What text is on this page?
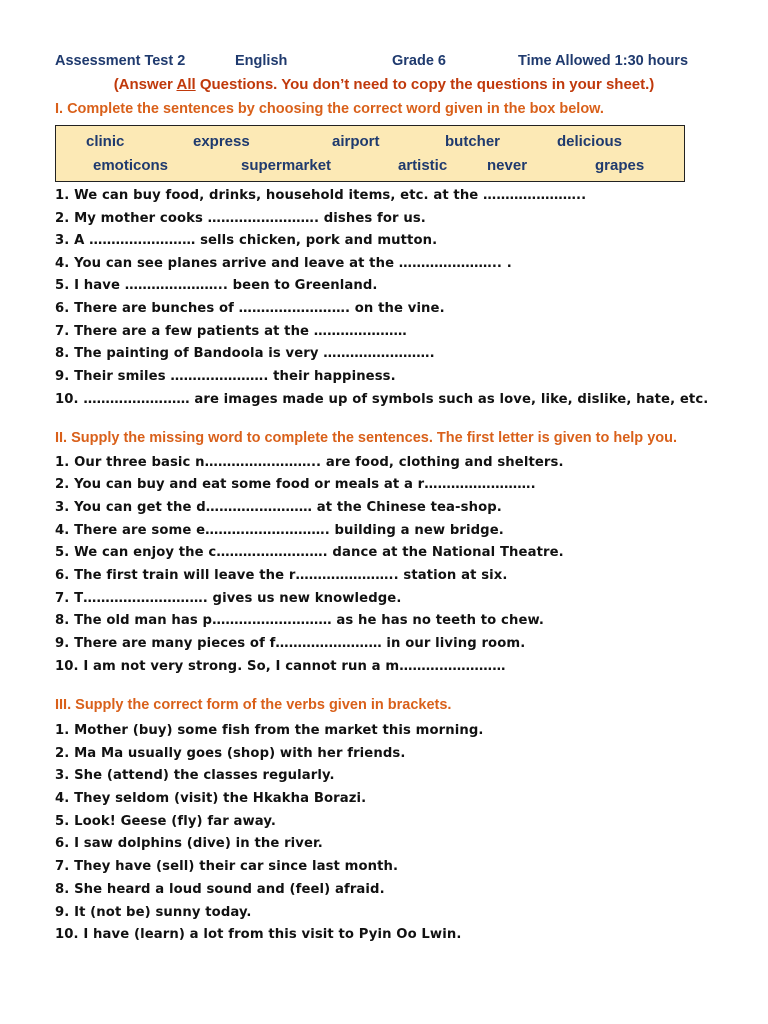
Assessment Test 2	English	Grade 6	Time Allowed 1:30 hours
(Answer All Questions. You don’t need to copy the questions in your sheet.)
I. Complete the sentences by choosing the correct word given in the box below.
clinic	express	airport	butcher	delicious
emoticons	supermarket	artistic	never	grapes
1. We can buy food, drinks, household items, etc. at the …………………..
2. My mother cooks ……………………. dishes for us.
3. A …………………… sells chicken, pork and mutton.
4. You can see planes arrive and leave at the ………………….. .
5. I have ………………….. been to Greenland.
6. There are bunches of ……………………. on the vine.
7. There are a few patients at the …………………
8. The painting of Bandoola is very …………………….
9. Their smiles …………………. their happiness.
10. …………………… are images made up of symbols such as love, like, dislike, hate, etc.
II. Supply the missing word to complete the sentences. The first letter is given to help you.
1. Our three basic n…………………….. are food, clothing and shelters.
2. You can buy and eat some food or meals at a r…………………….
3. You can get the d…………………… at the Chinese tea-shop.
4. There are some e………………………. building a new bridge.
5. We can enjoy the c……………………. dance at the National Theatre.
6. The first train will leave the r………………….. station at six.
7. T………………………. gives us new knowledge.
8. The old man has p……………………… as he has no teeth to chew.
9. There are many pieces of f…………………… in our living room.
10. I am not very strong. So, I cannot run a m……………………
III. Supply the correct form of the verbs given in brackets.
1. Mother (buy) some fish from the market this morning.
2. Ma Ma usually goes (shop) with her friends.
3. She (attend) the classes regularly.
4. They seldom (visit) the Hkakha Borazi.
5. Look! Geese (fly) far away.
6. I saw dolphins (dive) in the river.
7. They have (sell) their car since last month.
8. She heard a loud sound and (feel) afraid.
9. It (not be) sunny today.
10. I have (learn) a lot from this visit to Pyin Oo Lwin.
